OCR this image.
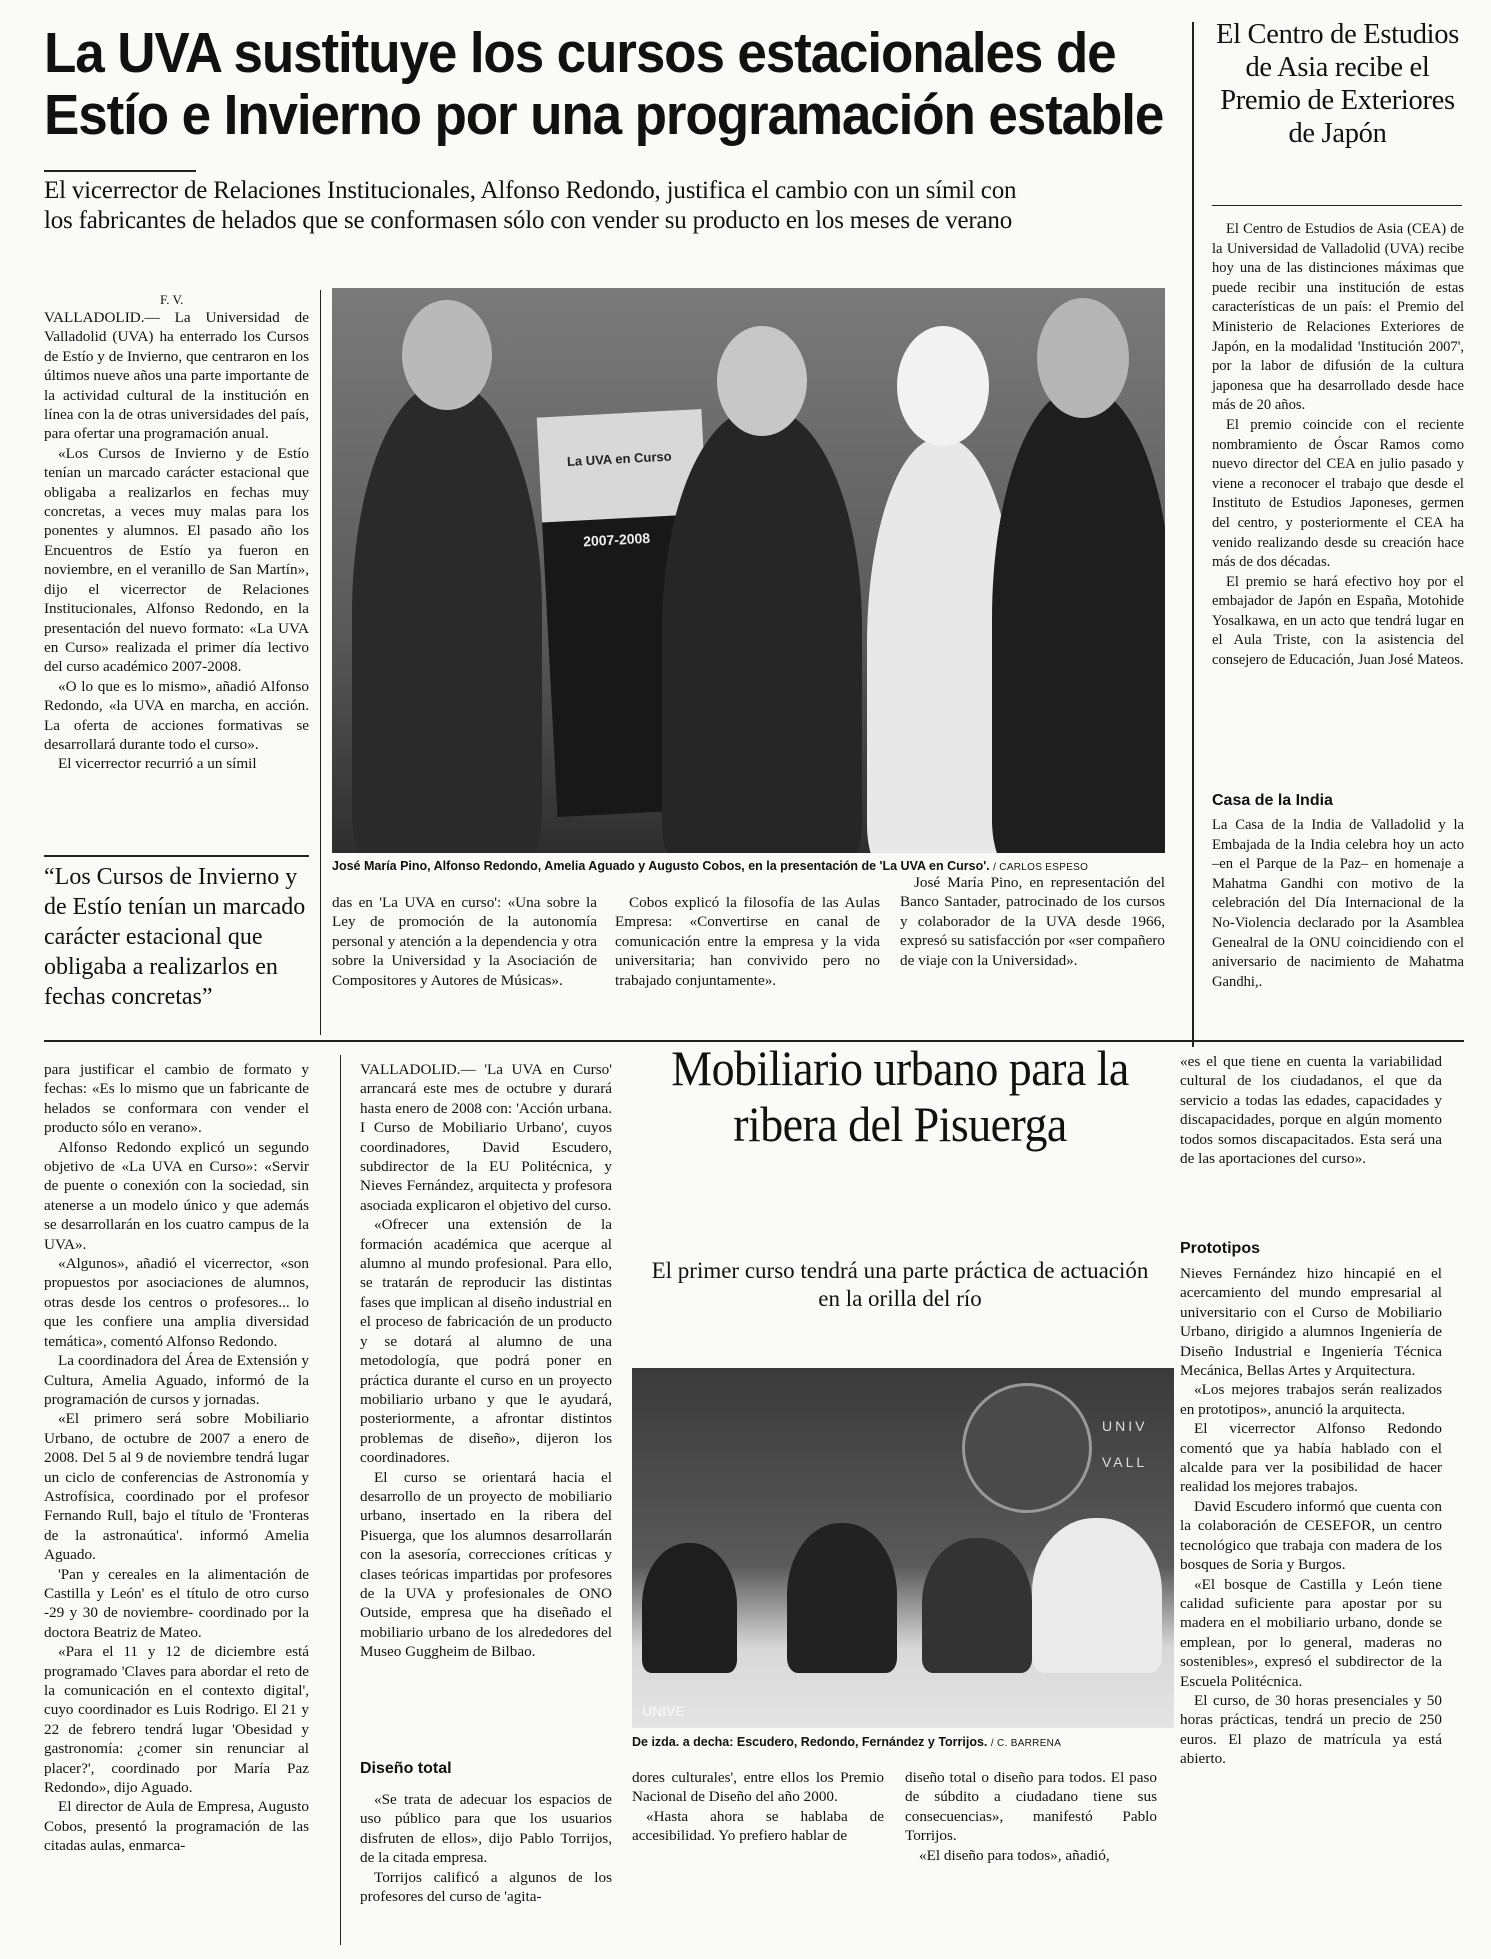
La UVA sustituye los cursos estacionales de
Estío e Invierno por una programación estable
El vicerrector de Relaciones Institucionales, Alfonso Redondo, justifica el cambio con un símil con
los fabricantes de helados que se conformasen sólo con vender su producto en los meses de verano
F. V.

VALLADOLID.— La Universidad de Valladolid (UVA) ha enterrado los Cursos de Estío y de Invierno, que centraron en los últimos nueve años una parte importante de la actividad cultural de la institución en línea con la de otras universidades del país, para ofertar una programación anual.

«Los Cursos de Invierno y de Estío tenían un marcado carácter estacional que obligaba a realizarlos en fechas muy concretas, a veces muy malas para los ponentes y alumnos. El pasado año los Encuentros de Estío ya fueron en noviembre, en el veranillo de San Martín», dijo el vicerrector de Relaciones Institucionales, Alfonso Redondo, en la presentación del nuevo formato: «La UVA en Curso» realizada el primer día lectivo del curso académico 2007-2008.

«O lo que es lo mismo», añadió Alfonso Redondo, «la UVA en marcha, en acción. La oferta de acciones formativas se desarrollará durante todo el curso».

El vicerrector recurrió a un símil

“Los Cursos de Invierno y de Estío tenían un marcado carácter estacional que obligaba a realizarlos en fechas concretas”
La UVA en Curso
2007-2008
José María Pino, Alfonso Redondo, Amelia Aguado y Augusto Cobos, en la presentación de 'La UVA en Curso'. / CARLOS ESPESO

das en 'La UVA en curso': «Una sobre la Ley de promoción de la autonomía personal y atención a la dependencia y otra sobre la Universidad y la Asociación de Compositores y Autores de Músicas».

Cobos explicó la filosofía de las Aulas Empresa: «Convertirse en canal de comunicación entre la empresa y la vida universitaria; han convivido pero no trabajado conjuntamente».

José María Pino, en representación del Banco Santader, patrocinado de los cursos y colaborador de la UVA desde 1966, expresó su satisfacción por «ser compañero de viaje con la Universidad».

El Centro de Estudios de Asia recibe el Premio de Exteriores de Japón

El Centro de Estudios de Asia (CEA) de la Universidad de Valladolid (UVA) recibe hoy una de las distinciones máximas que puede recibir una institución de estas características de un país: el Premio del Ministerio de Relaciones Exteriores de Japón, en la modalidad 'Institución 2007', por la labor de difusión de la cultura japonesa que ha desarrollado desde hace más de 20 años.

El premio coincide con el reciente nombramiento de Óscar Ramos como nuevo director del CEA en julio pasado y viene a reconocer el trabajo que desde el Instituto de Estudios Japoneses, germen del centro, y posteriormente el CEA ha venido realizando desde su creación hace más de dos décadas.

El premio se hará efectivo hoy por el embajador de Japón en España, Motohide Yosalkawa, en un acto que tendrá lugar en el Aula Triste, con la asistencia del consejero de Educación, Juan José Mateos.

Casa de la India

La Casa de la India de Valladolid y la Embajada de la India celebra hoy un acto –en el Parque de la Paz– en homenaje a Mahatma Gandhi con motivo de la celebración del Día Internacional de la No-Violencia declarado por la Asamblea Genealral de la ONU coincidiendo con el aniversario de nacimiento de Mahatma Gandhi,.

para justificar el cambio de formato y fechas: «Es lo mismo que un fabricante de helados se conformara con vender el producto sólo en verano».

Alfonso Redondo explicó un segundo objetivo de «La UVA en Curso»: «Servir de puente o conexión con la sociedad, sin atenerse a un modelo único y que además se desarrollarán en los cuatro campus de la UVA».

«Algunos», añadió el vicerrector, «son propuestos por asociaciones de alumnos, otras desde los centros o profesores... lo que les confiere una amplia diversidad temática», comentó Alfonso Redondo.

La coordinadora del Área de Extensión y Cultura, Amelia Aguado, informó de la programación de cursos y jornadas.

«El primero será sobre Mobiliario Urbano, de octubre de 2007 a enero de 2008. Del 5 al 9 de noviembre tendrá lugar un ciclo de conferencias de Astronomía y Astrofísica, coordinado por el profesor Fernando Rull, bajo el título de 'Fronteras de la astronaútica'. informó Amelia Aguado.

'Pan y cereales en la alimentación de Castilla y León' es el título de otro curso -29 y 30 de noviembre- coordinado por la doctora Beatriz de Mateo.

«Para el 11 y 12 de diciembre está programado 'Claves para abordar el reto de la comunicación en el contexto digital', cuyo coordinador es Luis Rodrigo. El 21 y 22 de febrero tendrá lugar 'Obesidad y gastronomía: ¿comer sin renunciar al placer?', coordinado por María Paz Redondo», dijo Aguado.

El director de Aula de Empresa, Augusto Cobos, presentó la programación de las citadas aulas, enmarca-

VALLADOLID.— 'La UVA en Curso' arrancará este mes de octubre y durará hasta enero de 2008 con: 'Acción urbana. I Curso de Mobiliario Urbano', cuyos coordinadores, David Escudero, subdirector de la EU Politécnica, y Nieves Fernández, arquitecta y profesora asociada explicaron el objetivo del curso.

«Ofrecer una extensión de la formación académica que acerque al alumno al mundo profesional. Para ello, se tratarán de reproducir las distintas fases que implican al diseño industrial en el proceso de fabricación de un producto y se dotará al alumno de una metodología, que podrá poner en práctica durante el curso en un proyecto mobiliario urbano y que le ayudará, posteriormente, a afrontar distintos problemas de diseño», dijeron los coordinadores.

El curso se orientará hacia el desarrollo de un proyecto de mobiliario urbano, insertado en la ribera del Pisuerga, que los alumnos desarrollarán con la asesoría, correcciones críticas y clases teóricas impartidas por profesores de la UVA y profesionales de ONO Outside, empresa que ha diseñado el mobiliario urbano de los alrededores del Museo Guggheim de Bilbao.

Diseño total

«Se trata de adecuar los espacios de uso público para que los usuarios disfruten de ellos», dijo Pablo Torrijos, de la citada empresa.

Torrijos calificó a algunos de los profesores del curso de 'agita-

Mobiliario urbano para la ribera del Pisuerga
El primer curso tendrá una parte práctica de actuación en la orilla del río
UNIV VALL
UNIVE
De izda. a decha: Escudero, Redondo, Fernández y Torrijos. / C. BARRENA

dores culturales', entre ellos los Premio Nacional de Diseño del año 2000.

«Hasta ahora se hablaba de accesibilidad. Yo prefiero hablar de

diseño total o diseño para todos. El paso de súbdito a ciudadano tiene sus consecuencias», manifestó Pablo Torrijos.

«El diseño para todos», añadió,

«es el que tiene en cuenta la variabilidad cultural de los ciudadanos, el que da servicio a todas las edades, capacidades y discapacidades, porque en algún momento todos somos discapacitados. Esta será una de las aportaciones del curso».

Prototipos

Nieves Fernández hizo hincapié en el acercamiento del mundo empresarial al universitario con el Curso de Mobiliario Urbano, dirigido a alumnos Ingeniería de Diseño Industrial e Ingeniería Técnica Mecánica, Bellas Artes y Arquitectura.

«Los mejores trabajos serán realizados en prototipos», anunció la arquitecta.

El vicerrector Alfonso Redondo comentó que ya había hablado con el alcalde para ver la posibilidad de hacer realidad los mejores trabajos.

David Escudero informó que cuenta con la colaboración de CESEFOR, un centro tecnológico que trabaja con madera de los bosques de Soria y Burgos.

«El bosque de Castilla y León tiene calidad suficiente para apostar por su madera en el mobiliario urbano, donde se emplean, por lo general, maderas no sostenibles», expresó el subdirector de la Escuela Politécnica.

El curso, de 30 horas presenciales y 50 horas prácticas, tendrá un precio de 250 euros. El plazo de matrícula ya está abierto.
